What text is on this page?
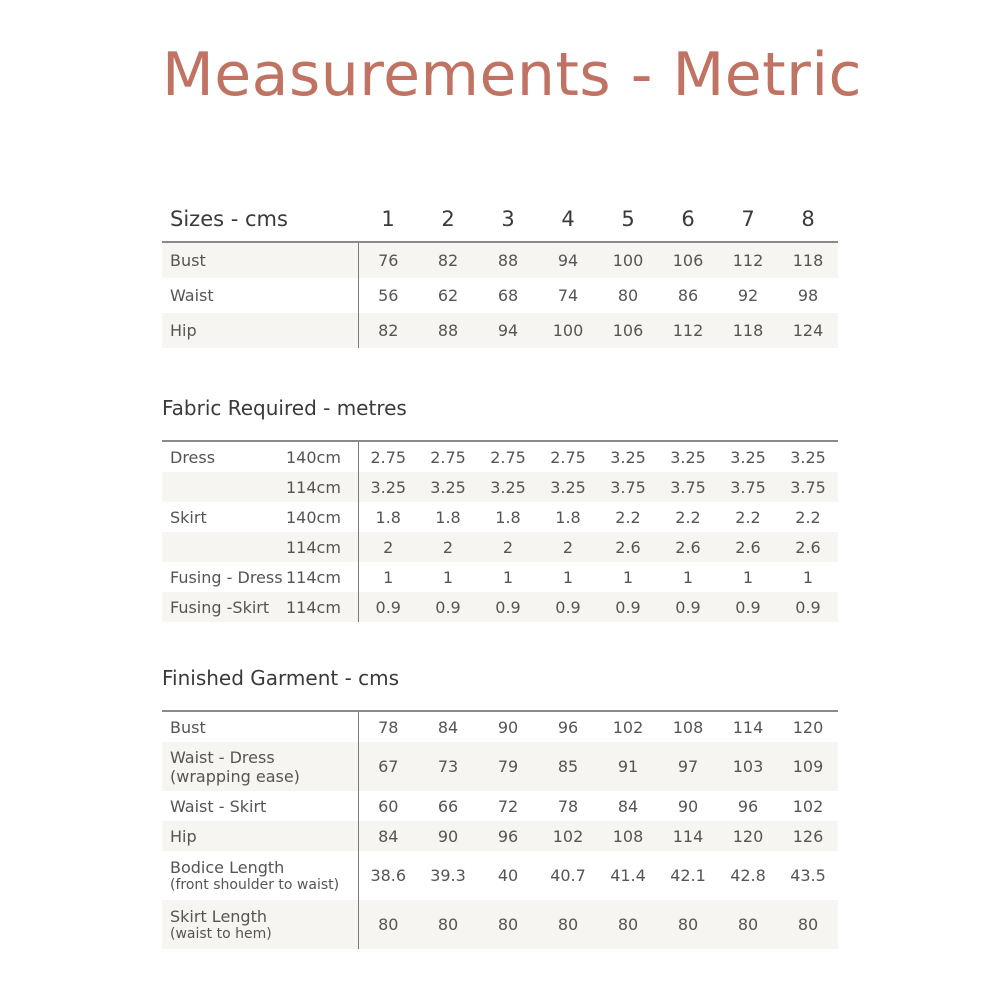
Measurements - Metric
Sizes - cms	1	2	3	4	5	6	7	8
Bust	76	82	88	94	100	106	112	118
Waist	56	62	68	74	80	86	92	98
Hip	82	88	94	100	106	112	118	124
Fabric Required - metres
Dress	140cm	2.75	2.75	2.75	2.75	3.25	3.25	3.25	3.25
	114cm	3.25	3.25	3.25	3.25	3.75	3.75	3.75	3.75
Skirt	140cm	1.8	1.8	1.8	1.8	2.2	2.2	2.2	2.2
	114cm	2	2	2	2	2.6	2.6	2.6	2.6
Fusing - Dress	114cm	1	1	1	1	1	1	1	1
Fusing -Skirt	114cm	0.9	0.9	0.9	0.9	0.9	0.9	0.9	0.9
Finished Garment - cms
Bust	78	84	90	96	102	108	114	120

Waist - Dress
(wrapping ease)	67	73	79	85	91	97	103	109

Waist - Skirt	60	66	72	78	84	90	96	102

Hip	84	90	96	102	108	114	120	126

Bodice Length
(front shoulder to waist)	38.6	39.3	40	40.7	41.4	42.1	42.8	43.5

Skirt Length
(waist to hem)	80	80	80	80	80	80	80	80
